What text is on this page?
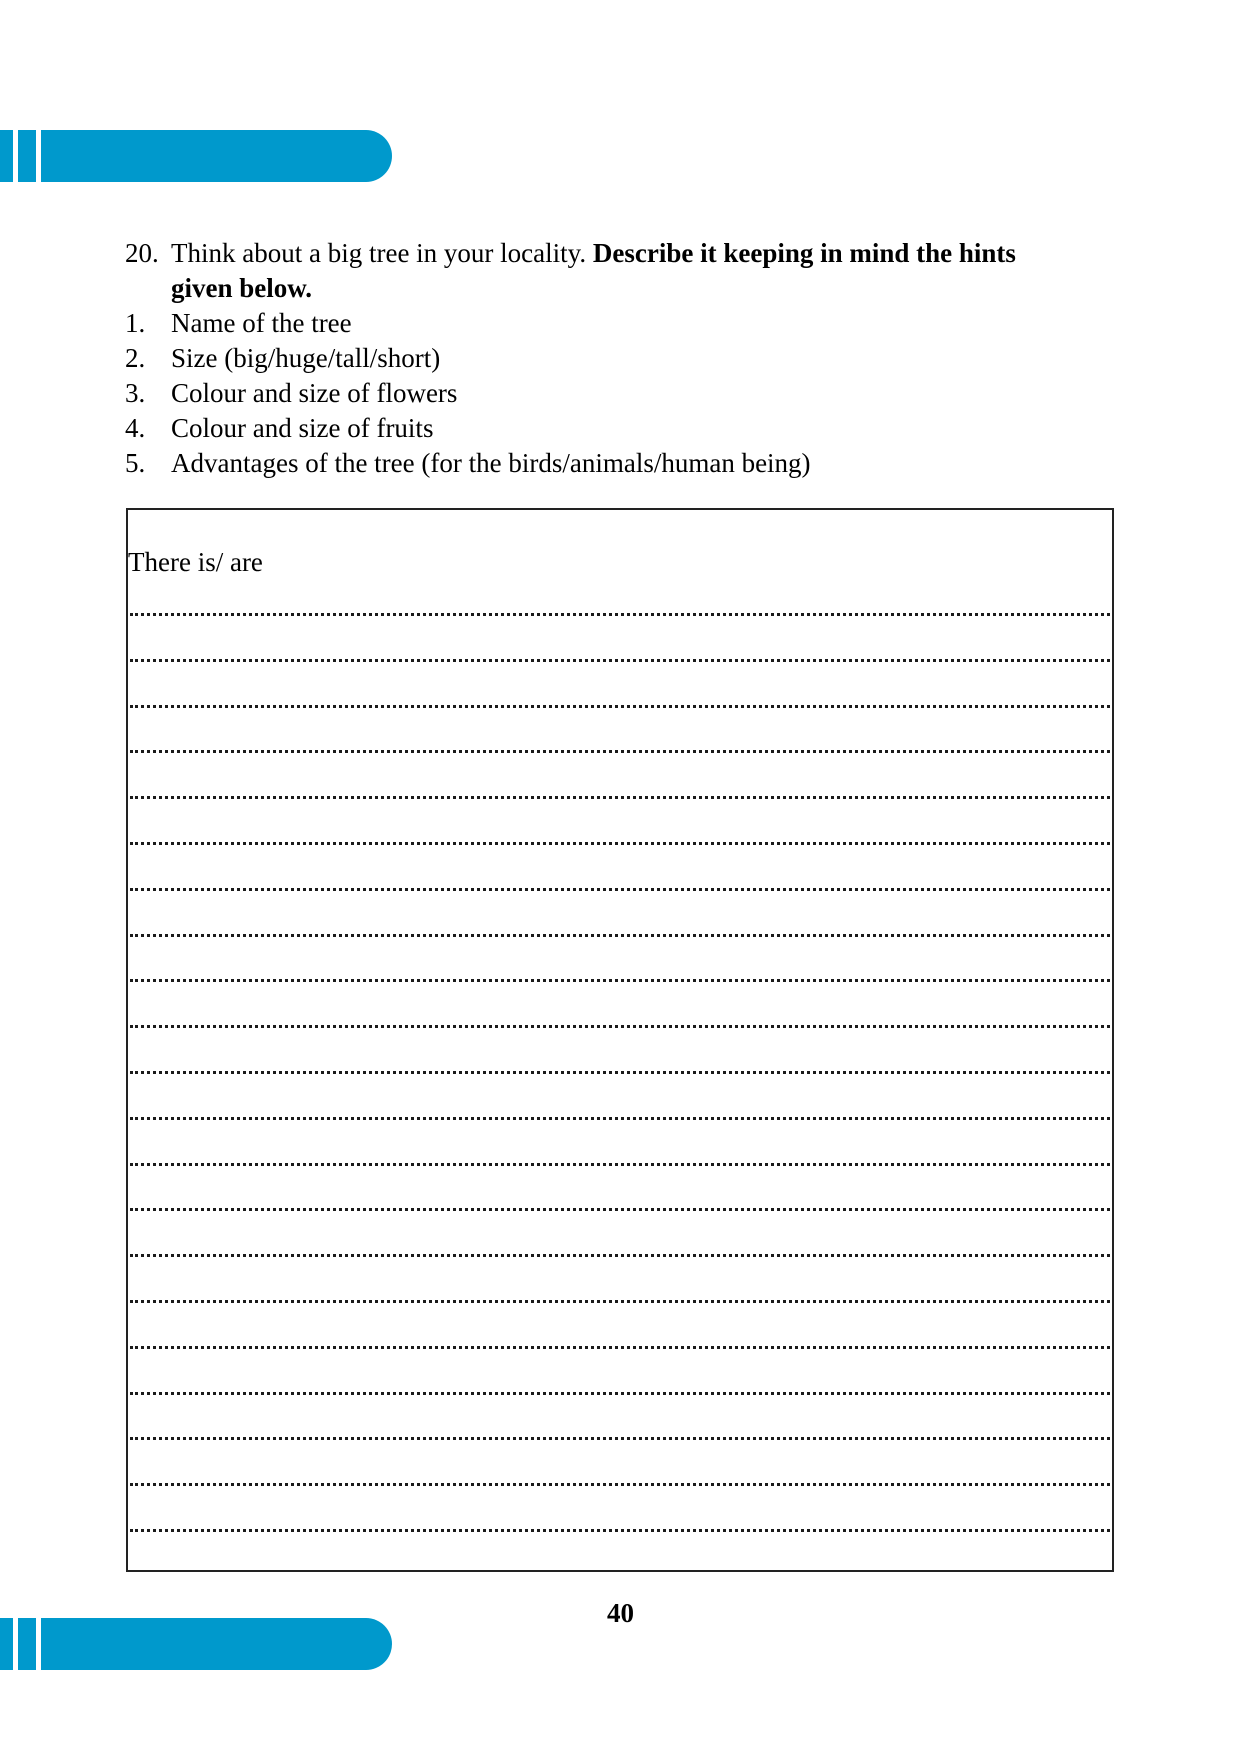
20. Think about a big tree in your locality. Describe it keeping in mind the hints
given below.
1. Name of the tree
2. Size (big/huge/tall/short)
3. Colour and size of flowers
4. Colour and size of fruits
5. Advantages of the tree (for the birds/animals/human being)
There is/ are
40
